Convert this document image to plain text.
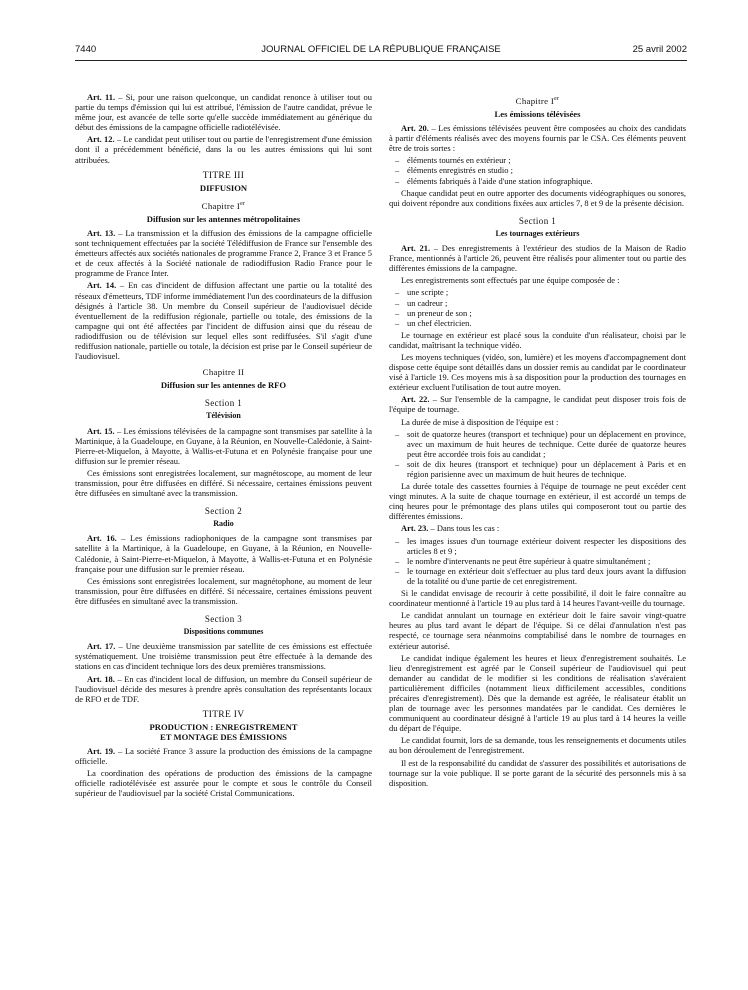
7440	JOURNAL OFFICIEL DE LA RÉPUBLIQUE FRANÇAISE	25 avril 2002

Art. 11. – Si, pour une raison quelconque, un candidat renonce à utiliser tout ou partie du temps d'émission qui lui est attribué, l'émission de l'autre candidat, prévue le même jour, est avancée de telle sorte qu'elle succède immédiatement au générique du début des émissions de la campagne officielle radiotélévisée.

Art. 12. – Le candidat peut utiliser tout ou partie de l'enregistrement d'une émission dont il a précédemment bénéficié, dans la ou les autres émissions qui lui sont attribuées.

TITRE III
DIFFUSION
Chapitre Ier
Diffusion sur les antennes métropolitaines

Art. 13. – La transmission et la diffusion des émissions de la campagne officielle sont techniquement effectuées par la société Télédiffusion de France sur l'ensemble des émetteurs affectés aux sociétés nationales de programme France 2, France 3 et France 5 et de ceux affectés à la Société nationale de radiodiffusion Radio France pour le programme de France Inter.

Art. 14. – En cas d'incident de diffusion affectant une partie ou la totalité des réseaux d'émetteurs, TDF informe immédiatement l'un des coordinateurs de la diffusion désignés à l'article 38. Un membre du Conseil supérieur de l'audiovisuel décide éventuellement de la rediffusion régionale, partielle ou totale, des émissions de la campagne qui ont été affectées par l'incident de diffusion ainsi que du réseau de radiodiffusion ou de télévision sur lequel elles sont rediffusées. S'il s'agit d'une rediffusion nationale, partielle ou totale, la décision est prise par le Conseil supérieur de l'audiovisuel.

Chapitre II
Diffusion sur les antennes de RFO
Section 1
Télévision

Art. 15. – Les émissions télévisées de la campagne sont transmises par satellite à la Martinique, à la Guadeloupe, en Guyane, à la Réunion, en Nouvelle-Calédonie, à Saint-Pierre-et-Miquelon, à Mayotte, à Wallis-et-Futuna et en Polynésie française pour une diffusion sur le premier réseau.

Ces émissions sont enregistrées localement, sur magnétoscope, au moment de leur transmission, pour être diffusées en différé. Si nécessaire, certaines émissions peuvent être diffusées en simultané avec la transmission.

Section 2
Radio

Art. 16. – Les émissions radiophoniques de la campagne sont transmises par satellite à la Martinique, à la Guadeloupe, en Guyane, à la Réunion, en Nouvelle-Calédonie, à Saint-Pierre-et-Miquelon, à Mayotte, à Wallis-et-Futuna et en Polynésie française pour une diffusion sur le premier réseau.

Ces émissions sont enregistrées localement, sur magnétophone, au moment de leur transmission, pour être diffusées en différé. Si nécessaire, certaines émissions peuvent être diffusées en simultané avec la transmission.

Section 3
Dispositions communes

Art. 17. – Une deuxième transmission par satellite de ces émissions est effectuée systématiquement. Une troisième transmission peut être effectuée à la demande des stations en cas d'incident technique lors des deux premières transmissions.

Art. 18. – En cas d'incident local de diffusion, un membre du Conseil supérieur de l'audiovisuel décide des mesures à prendre après consultation des représentants locaux de RFO et de TDF.

TITRE IV
PRODUCTION : ENREGISTREMENT
ET MONTAGE DES ÉMISSIONS

Art. 19. – La société France 3 assure la production des émissions de la campagne officielle.

La coordination des opérations de production des émissions de la campagne officielle radiotélévisée est assurée pour le compte et sous le contrôle du Conseil supérieur de l'audiovisuel par la société Cristal Communications.

Chapitre Ier
Les émissions télévisées

Art. 20. – Les émissions télévisées peuvent être composées au choix des candidats à partir d'éléments réalisés avec des moyens fournis par le CSA. Ces éléments peuvent être de trois sortes :

– éléments tournés en extérieur ;
– éléments enregistrés en studio ;
– éléments fabriqués à l'aide d'une station infographique.

Chaque candidat peut en outre apporter des documents vidéographiques ou sonores, qui doivent répondre aux conditions fixées aux articles 7, 8 et 9 de la présente décision.

Section 1
Les tournages extérieurs

Art. 21. – Des enregistrements à l'extérieur des studios de la Maison de Radio France, mentionnés à l'article 26, peuvent être réalisés pour alimenter tout ou partie des différentes émissions de la campagne.

Les enregistrements sont effectués par une équipe composée de :

– une scripte ;
– un cadreur ;
– un preneur de son ;
– un chef électricien.

Le tournage en extérieur est placé sous la conduite d'un réalisateur, choisi par le candidat, maîtrisant la technique vidéo.

Les moyens techniques (vidéo, son, lumière) et les moyens d'accompagnement dont dispose cette équipe sont détaillés dans un dossier remis au candidat par le coordinateur visé à l'article 19. Ces moyens mis à sa disposition pour la production des tournages en extérieur excluent l'utilisation de tout autre moyen.

Art. 22. – Sur l'ensemble de la campagne, le candidat peut disposer trois fois de l'équipe de tournage.

La durée de mise à disposition de l'équipe est :

– soit de quatorze heures (transport et technique) pour un déplacement en province, avec un maximum de huit heures de technique. Cette durée de quatorze heures peut être accordée trois fois au candidat ;
– soit de dix heures (transport et technique) pour un déplacement à Paris et en région parisienne avec un maximum de huit heures de technique.

La durée totale des cassettes fournies à l'équipe de tournage ne peut excéder cent vingt minutes. A la suite de chaque tournage en extérieur, il est accordé un temps de cinq heures pour le prémontage des plans utiles qui composeront tout ou partie des différentes émissions.

Art. 23. – Dans tous les cas :

– les images issues d'un tournage extérieur doivent respecter les dispositions des articles 8 et 9 ;
– le nombre d'intervenants ne peut être supérieur à quatre simultanément ;
– le tournage en extérieur doit s'effectuer au plus tard deux jours avant la diffusion de la totalité ou d'une partie de cet enregistrement.

Si le candidat envisage de recourir à cette possibilité, il doit le faire connaître au coordinateur mentionné à l'article 19 au plus tard à 14 heures l'avant-veille du tournage.

Le candidat annulant un tournage en extérieur doit le faire savoir vingt-quatre heures au plus tard avant le départ de l'équipe. Si ce délai d'annulation n'est pas respecté, ce tournage sera néanmoins comptabilisé dans le nombre de tournages en extérieur autorisé.

Le candidat indique également les heures et lieux d'enregistrement souhaités. Le lieu d'enregistrement est agréé par le Conseil supérieur de l'audiovisuel qui peut demander au candidat de le modifier si les conditions de réalisation s'avéraient particulièrement difficiles (notamment lieux difficilement accessibles, conditions précaires d'enregistrement). Dès que la demande est agréée, le réalisateur établit un plan de tournage avec les personnes mandatées par le candidat. Ces dernières le communiquent au coordinateur désigné à l'article 19 au plus tard à 14 heures la veille du départ de l'équipe.

Le candidat fournit, lors de sa demande, tous les renseignements et documents utiles au bon déroulement de l'enregistrement.

Il est de la responsabilité du candidat de s'assurer des possibilités et autorisations de tournage sur la voie publique. Il se porte garant de la sécurité des personnels mis à sa disposition.
